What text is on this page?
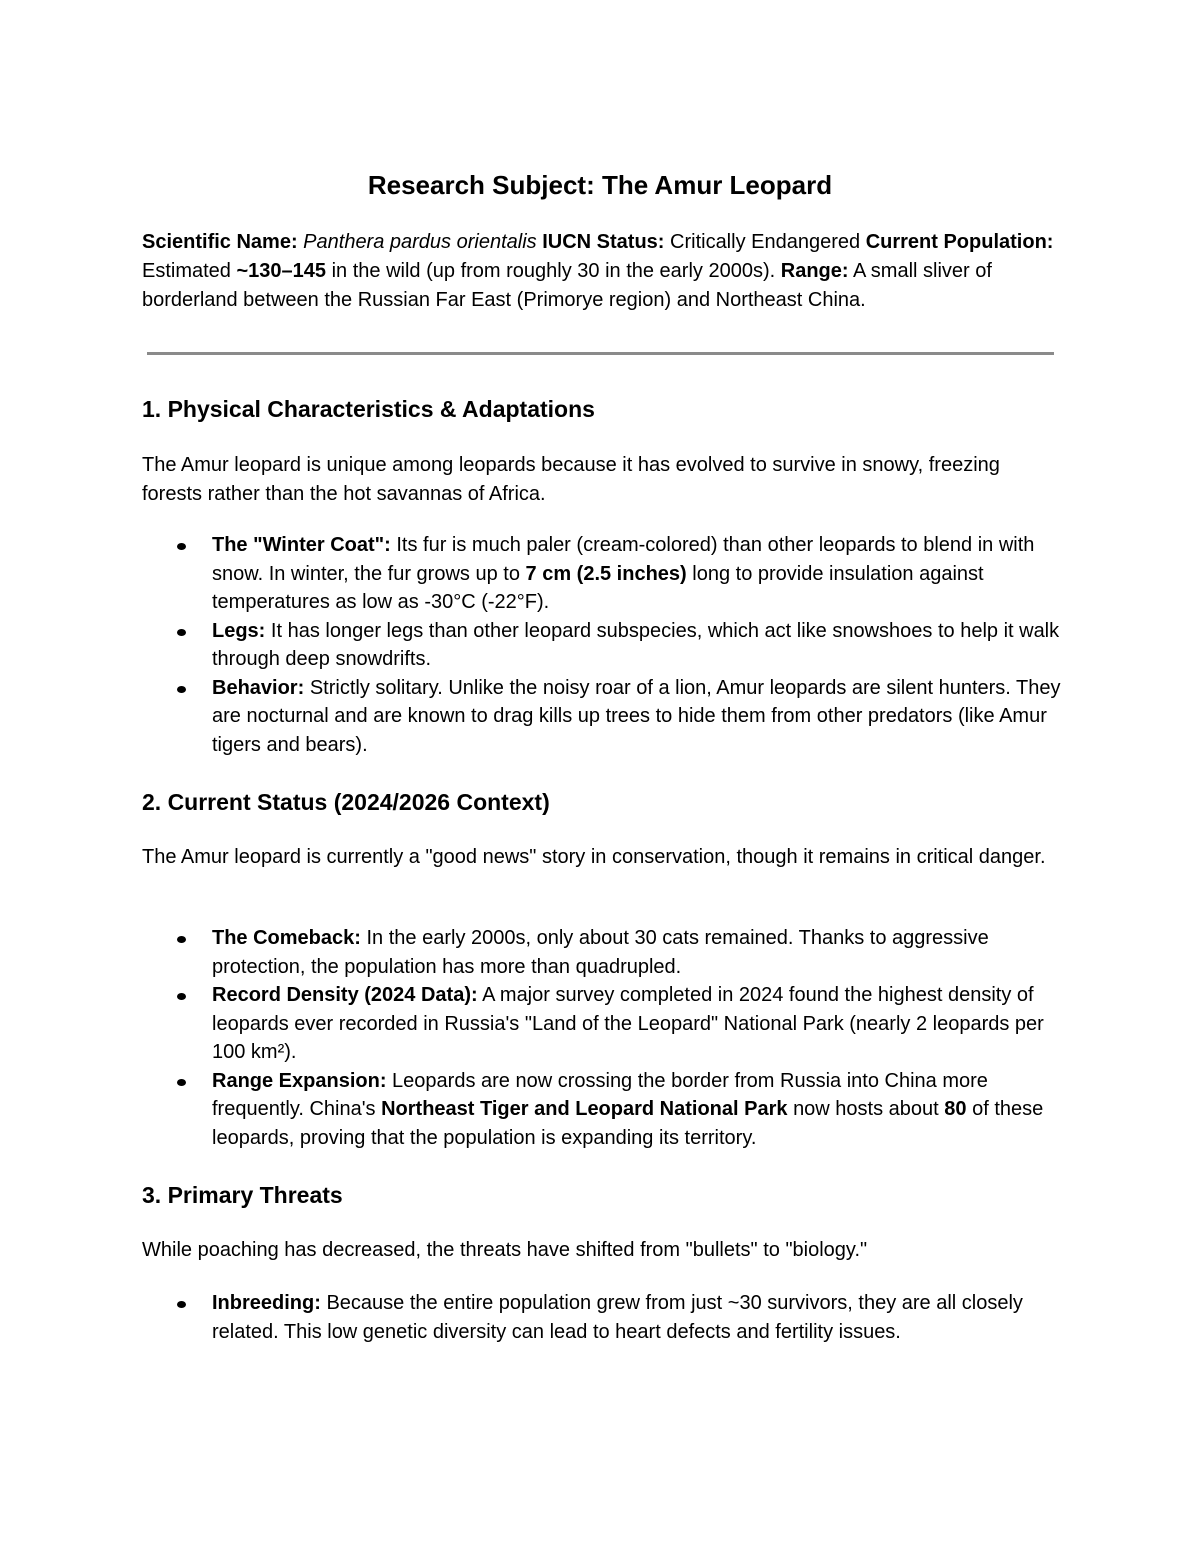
Research Subject: The Amur Leopard

Scientific Name: Panthera pardus orientalis IUCN Status: Critically Endangered Current Population: Estimated ~130–145 in the wild (up from roughly 30 in the early 2000s). Range: A small sliver of borderland between the Russian Far East (Primorye region) and Northeast China.

1. Physical Characteristics & Adaptations

The Amur leopard is unique among leopards because it has evolved to survive in snowy, freezing forests rather than the hot savannas of Africa.

The "Winter Coat": Its fur is much paler (cream-colored) than other leopards to blend in with snow. In winter, the fur grows up to 7 cm (2.5 inches) long to provide insulation against temperatures as low as -30°C (-22°F).
Legs: It has longer legs than other leopard subspecies, which act like snowshoes to help it walk through deep snowdrifts.
Behavior: Strictly solitary. Unlike the noisy roar of a lion, Amur leopards are silent hunters. They are nocturnal and are known to drag kills up trees to hide them from other predators (like Amur tigers and bears).
2. Current Status (2024/2026 Context)

The Amur leopard is currently a "good news" story in conservation, though it remains in critical danger.

The Comeback: In the early 2000s, only about 30 cats remained. Thanks to aggressive protection, the population has more than quadrupled.
Record Density (2024 Data): A major survey completed in 2024 found the highest density of leopards ever recorded in Russia's "Land of the Leopard" National Park (nearly 2 leopards per 100 km²).
Range Expansion: Leopards are now crossing the border from Russia into China more frequently. China's Northeast Tiger and Leopard National Park now hosts about 80 of these leopards, proving that the population is expanding its territory.
3. Primary Threats

While poaching has decreased, the threats have shifted from "bullets" to "biology."

Inbreeding: Because the entire population grew from just ~30 survivors, they are all closely related. This low genetic diversity can lead to heart defects and fertility issues.
